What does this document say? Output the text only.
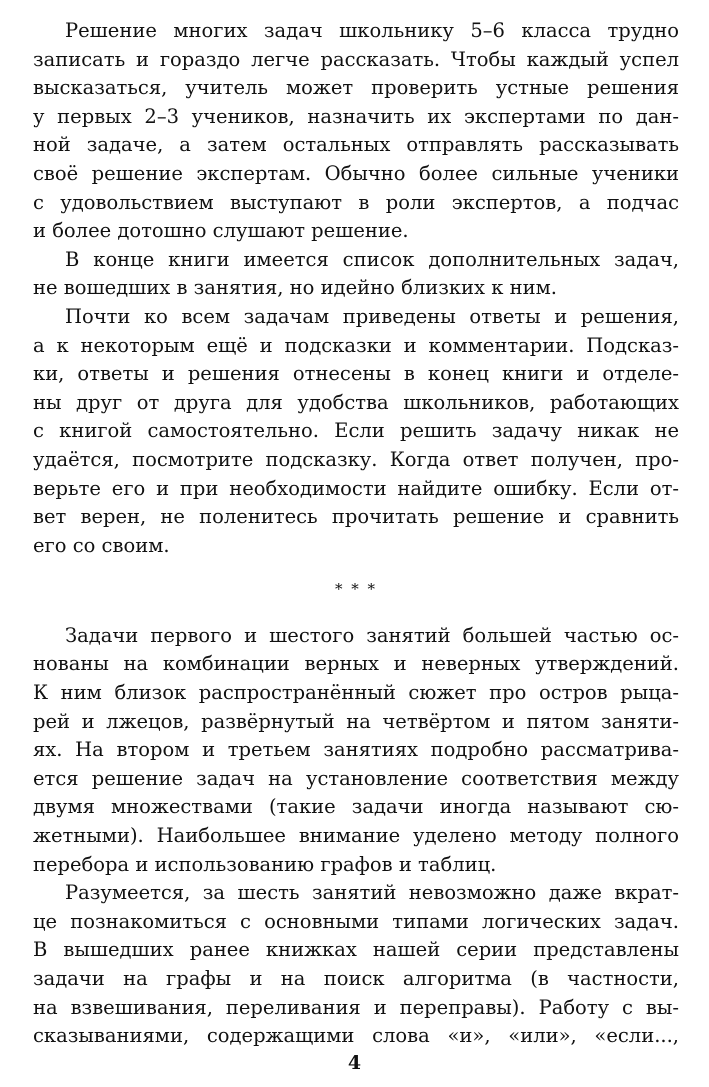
Решение многих задач школьнику 5–6 класса трудно
записать и гораздо легче рассказать. Чтобы каждый успел
высказаться, учитель может проверить устные решения
у первых 2–3 учеников, назначить их экспертами по дан-
ной задаче, а затем остальных отправлять рассказывать
своё решение экспертам. Обычно более сильные ученики
с удовольствием выступают в роли экспертов, а подчас
и более дотошно слушают решение.
В конце книги имеется список дополнительных задач,
не вошедших в занятия, но идейно близких к ним.
Почти ко всем задачам приведены ответы и решения,
а к некоторым ещё и подсказки и комментарии. Подсказ-
ки, ответы и решения отнесены в конец книги и отделе-
ны друг от друга для удобства школьников, работающих
с книгой самостоятельно. Если решить задачу никак не
удаётся, посмотрите подсказку. Когда ответ получен, про-
верьте его и при необходимости найдите ошибку. Если от-
вет верен, не поленитесь прочитать решение и сравнить
его со своим.
* * *
Задачи первого и шестого занятий большей частью ос-
нованы на комбинации верных и неверных утверждений.
К ним близок распространённый сюжет про остров рыца-
рей и лжецов, развёрнутый на четвёртом и пятом заняти-
ях. На втором и третьем занятиях подробно рассматрива-
ется решение задач на установление соответствия между
двумя множествами (такие задачи иногда называют сю-
жетными). Наибольшее внимание уделено методу полного
перебора и использованию графов и таблиц.
Разумеется, за шесть занятий невозможно даже вкрат-
це познакомиться с основными типами логических задач.
В вышедших ранее книжках нашей серии представлены
задачи на графы и на поиск алгоритма (в частности,
на взвешивания, переливания и переправы). Работу с вы-
сказываниями, содержащими слова «и», «или», «если...,
4
